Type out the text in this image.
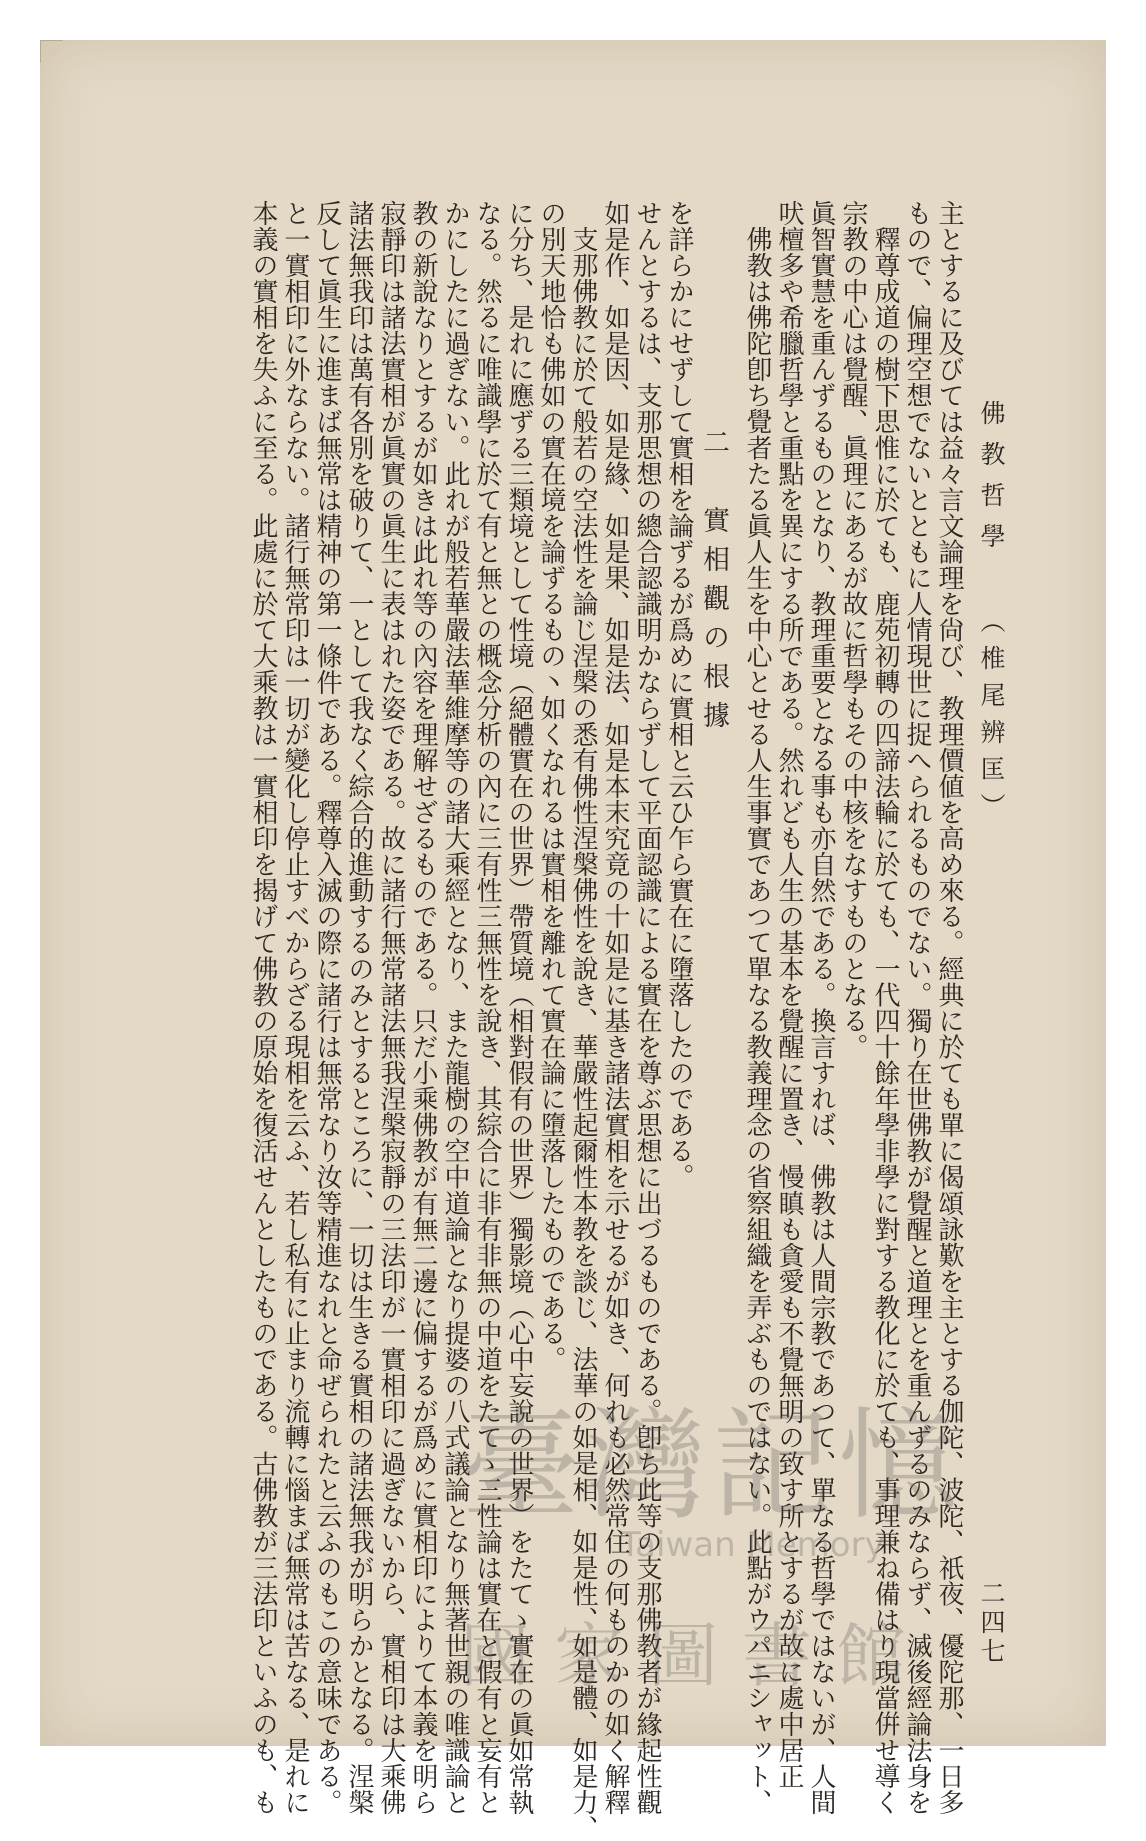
本義の實相を失ふに至る。此處に於て大乘教は一實相印を揭げて佛教の原始を復活せんとしたものである。古佛教が三法印といふのも、も と一實相印に外ならない。諸行無常印は一切が變化し停止すべからざる現相を云ふ、若し私有に止まり流轉に惱まば無常は苦なる、是れに 反して眞生に進まば無常は精神の第一條件である。釋尊入滅の際に諸行は無常なり汝等精進なれと命ぜられたと云ふのもこの意味である。 諸法無我印は萬有各別を破りて、一として我なく綜合的進動するのみとするところに、一切は生きる實相の諸法無我が明らかとなる。涅槃 寂靜印は諸法實相が眞實の眞生に表はれた姿である。故に諸行無常諸法無我涅槃寂靜の三法印が一實相印に過ぎないから、實相印は大乘佛 教の新說なりとするが如きは此れ等の內容を理解せざるものである。只だ小乘佛教が有無二邊に偏するが爲めに實相印によりて本義を明ら かにしたに過ぎない。此れが般若華嚴法華維摩等の諸大乘經となり、また龍樹の空中道論となり提婆の八式議論となり無著世親の唯識論と なる。然るに唯識學に於て有と無との概念分析の內に三有性三無性を說き、其綜合に非有非無の中道をたてゝ三性論は實在と假有と妄有と に分ち、是れに應ずる三類境として性境（絕體實在の世界）帶質境（相對假有の世界）獨影境（心中妄說の世界）をたてゝ實在の眞如常執 の別天地恰も佛如の實在境を論ずるもの丶如くなれるは實相を離れて實在論に墮落したものである。 支那佛教に於て般若の空法性を論じ涅槃の悉有佛性涅槃佛性を說き、華嚴性起爾性本教を談じ、法華の如是相、如是性、如是體、如是力、 如是作、如是因、如是緣、如是果、如是法、如是本末究竟の十如是に基き諸法實相を示せるが如き、何れも必然常住の何ものかの如く解釋 せんとするは、支那思想の總合認識明かならずして平面認識による實在を尊ぶ思想に出づるものである。卽ち此等の支那佛教者が緣起性觀 を詳らかにせずして實相を論ずるが爲めに實相と云ひ乍ら實在に墮落したのである。 二　實相觀の根據 佛教は佛陀卽ち覺者たる眞人生を中心とせる人生事實であつて單なる教義理念の省察組織を弄ぶものではない。此點がウパニシャット、 吠檀多や希臘哲學と重點を異にする所である。然れども人生の基本を覺醒に置き、慢瞋も貪愛も不覺無明の致す所とするが故に處中居正 眞智實慧を重んずるものとなり、教理重要となる事も亦自然である。換言すれば、佛教は人間宗教であつて、單なる哲學ではないが、人間 宗教の中心は覺醒、眞理にあるが故に哲學もその中核をなすものとなる。 釋尊成道の樹下思惟に於ても、鹿苑初轉の四諦法輪に於ても、一代四十餘年學非學に對する教化に於ても、事理兼ね備はり現當倂せ導く もので、偏理空想でないとともに人情現世に捉へられるものでない。獨り在世佛教が覺醒と道理とを重んずるのみならず、滅後經論法身を 主とするに及びては益々言文論理を尙び、教理價値を高め來る。經典に於ても單に偈頌詠歎を主とする伽陀、波陀、祇夜、優陀那、一日多 佛教哲學
（椎尾辨匡）
二四七
臺灣記憶
Taiwan Memory
國家圖書館
